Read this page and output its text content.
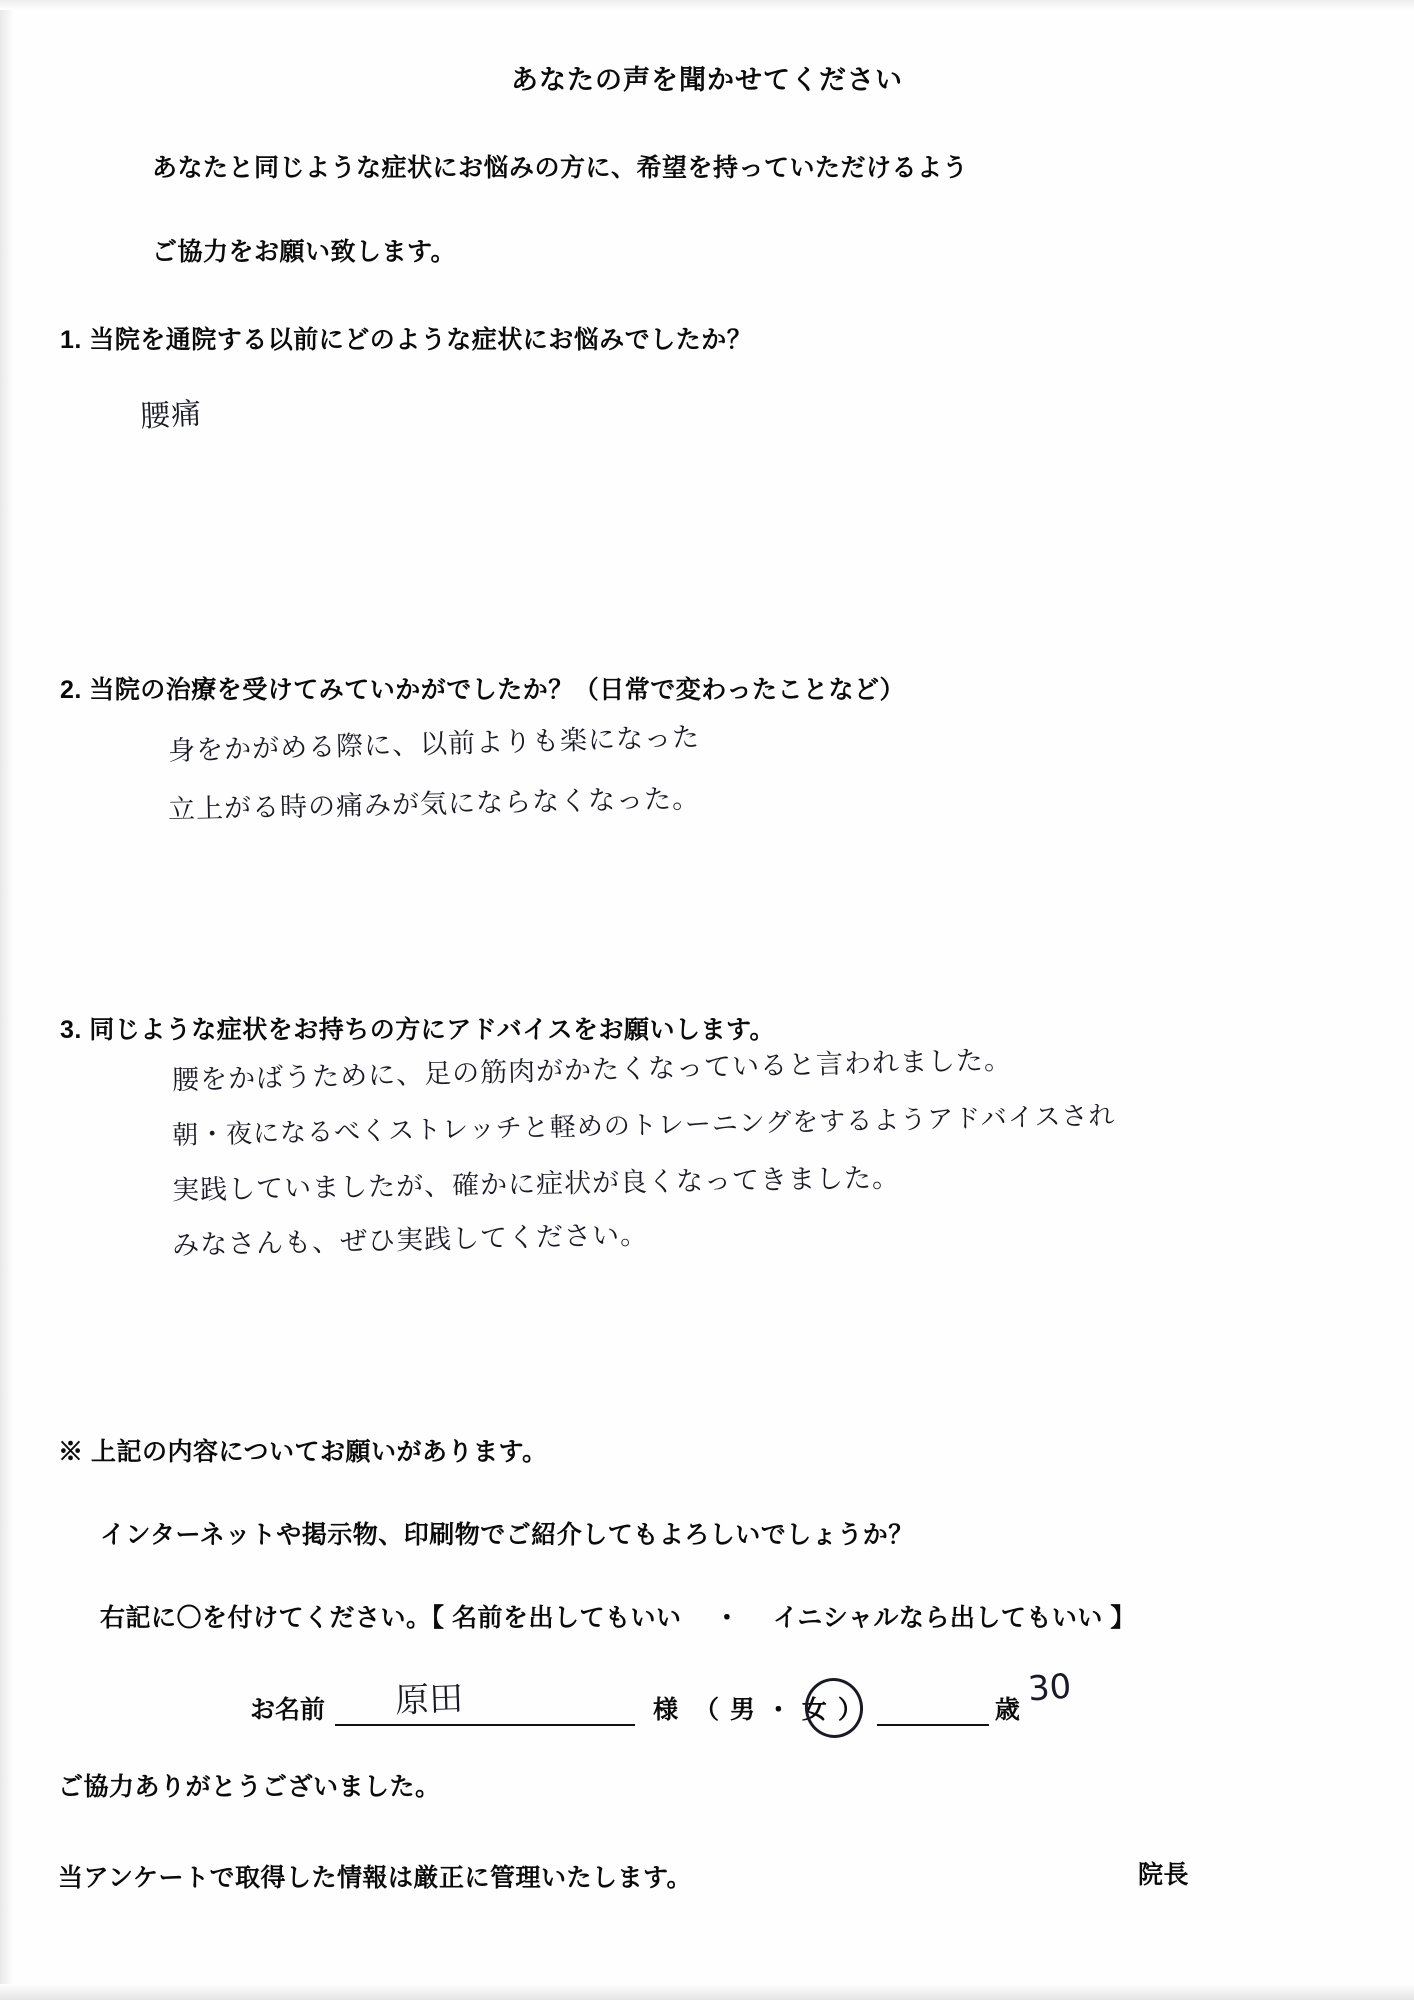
あなたの声を聞かせてください
あなたと同じような症状にお悩みの方に、希望を持っていただけるよう
ご協力をお願い致します。
1. 当院を通院する以前にどのような症状にお悩みでしたか？
腰痛
2. 当院の治療を受けてみていかがでしたか？（日常で変わったことなど）
身をかがめる際に、以前よりも楽になった
立上がる時の痛みが気にならなくなった。
3. 同じような症状をお持ちの方にアドバイスをお願いします。
腰をかばうために、足の筋肉がかたくなっていると言われました。
朝・夜になるべくストレッチと軽めのトレーニングをするようアドバイスされ
実践していましたが、確かに症状が良くなってきました。
みなさんも、ぜひ実践してください。
※ 上記の内容についてお願いがあります。
インターネットや掲示物、印刷物でご紹介してもよろしいでしょうか？
右記に〇を付けてください。【 名前を出してもいい　 ・ 　イニシャルなら出してもいい 】
お名前	様 （ 男 ・ 女 ）	歳
原田	30
ご協力ありがとうございました。
当アンケートで取得した情報は厳正に管理いたします。	院長
